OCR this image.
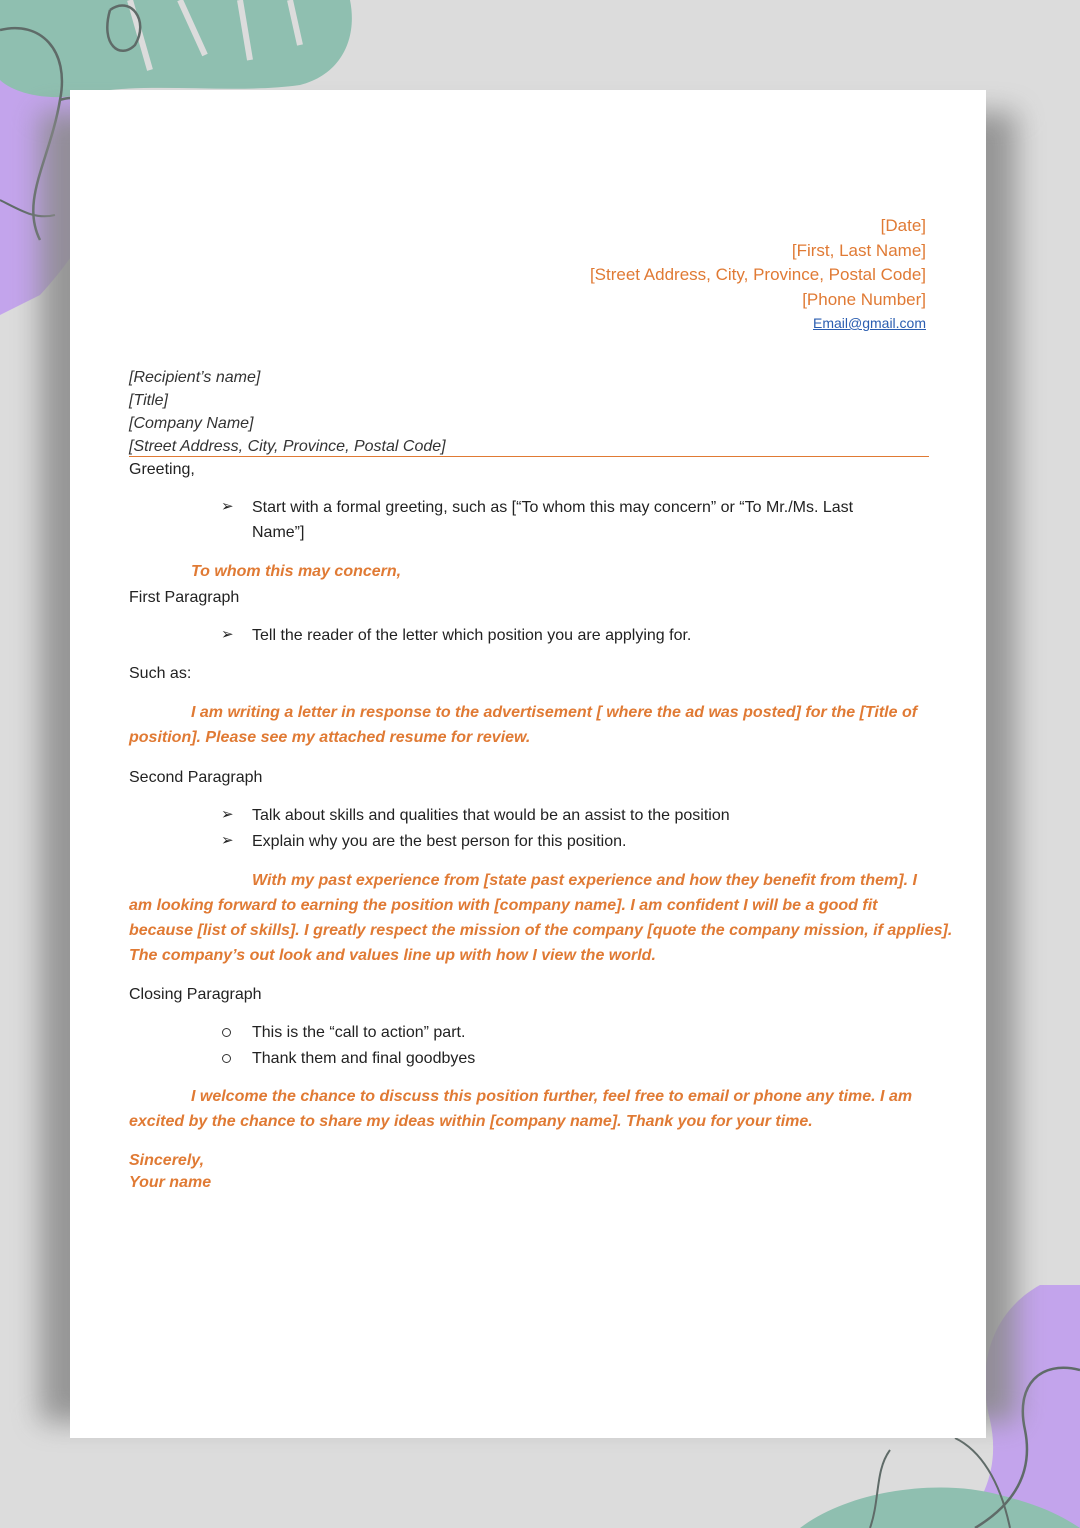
[Date]
[First, Last Name]
[Street Address, City, Province, Postal Code]
[Phone Number]
Email@gmail.com
[Recipient’s name]
[Title]
[Company Name]
[Street Address, City, Province, Postal Code]
Greeting,
➢ Start with a formal greeting, such as [“To whom this may concern” or “To Mr./Ms. Last
Name”]
To whom this may concern,
First Paragraph
➢ Tell the reader of the letter which position you are applying for.
Such as:
I am writing a letter in response to the advertisement [ where the ad was posted] for the [Title of
position]. Please see my attached resume for review.
Second Paragraph
➢ Talk about skills and qualities that would be an assist to the position
➢ Explain why you are the best person for this position.
With my past experience from [state past experience and how they benefit from them]. I
am looking forward to earning the position with [company name]. I am confident I will be a good fit
because [list of skills]. I greatly respect the mission of the company [quote the company mission, if applies].
The company’s out look and values line up with how I view the world.
Closing Paragraph
This is the “call to action” part.
Thank them and final goodbyes
I welcome the chance to discuss this position further, feel free to email or phone any time. I am
excited by the chance to share my ideas within [company name]. Thank you for your time.
Sincerely,
Your name
